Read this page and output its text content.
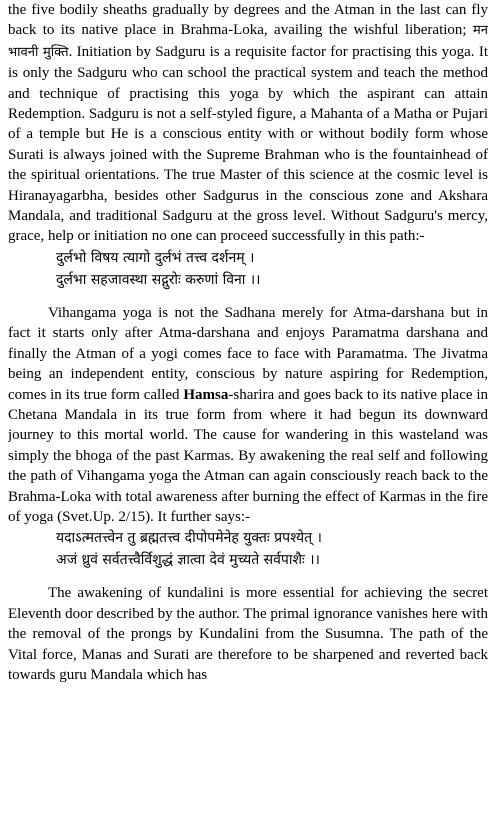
the five bodily sheaths gradually by degrees and the Atman in the last can fly back to its native place in Brahma-Loka, availing the wishful liberation; मन भावनी मुक्ति. Initiation by Sadguru is a requisite factor for practising this yoga. It is only the Sadguru who can school the practical system and teach the method and technique of practising this yoga by which the aspirant can attain Redemption. Sadguru is not a self-styled figure, a Mahanta of a Matha or Pujari of a temple but He is a conscious entity with or without bodily form whose Surati is always joined with the Supreme Brahman who is the fountainhead of the spiritual orientations. The true Master of this science at the cosmic level is Hiranayagarbha, besides other Sadgurus in the conscious zone and Akshara Mandala, and traditional Sadguru at the gross level. Without Sadguru's mercy, grace, help or initiation no one can proceed successfully in this path:-

दुर्लभो विषय त्यागो दुर्लभं तत्त्व दर्शनम् ।
दुर्लभा सहजावस्था सद्गुरोः करुणां विना ।।

Vihangama yoga is not the Sadhana merely for Atma-darshana but in fact it starts only after Atma-darshana and enjoys Paramatma darshana and finally the Atman of a yogi comes face to face with Paramatma. The Jivatma being an independent entity, conscious by nature aspiring for Redemption, comes in its true form called Hamsa-sharira and goes back to its native place in Chetana Mandala in its true form from where it had begun its downward journey to this mortal world. The cause for wandering in this wasteland was simply the bhoga of the past Karmas. By awakening the real self and following the path of Vihangama yoga the Atman can again consciously reach back to the Brahma-Loka with total awareness after burning the effect of Karmas in the fire of yoga (Svet.Up. 2/15). It further says:-

यदाऽत्मतत्त्वेन तु ब्रह्मतत्त्व दीपोपमेनेह युक्तः प्रपश्येत् ।
अजं ध्रुवं सर्वतत्त्वैर्विशुद्धं ज्ञात्वा देवं मुच्यते सर्वपाशैः ।।

The awakening of kundalini is more essential for achieving the secret Eleventh door described by the author. The primal ignorance vanishes here with the removal of the prongs by Kundalini from the Susumna. The path of the Vital force, Manas and Surati are therefore to be sharpened and reverted back towards guru Mandala which has
